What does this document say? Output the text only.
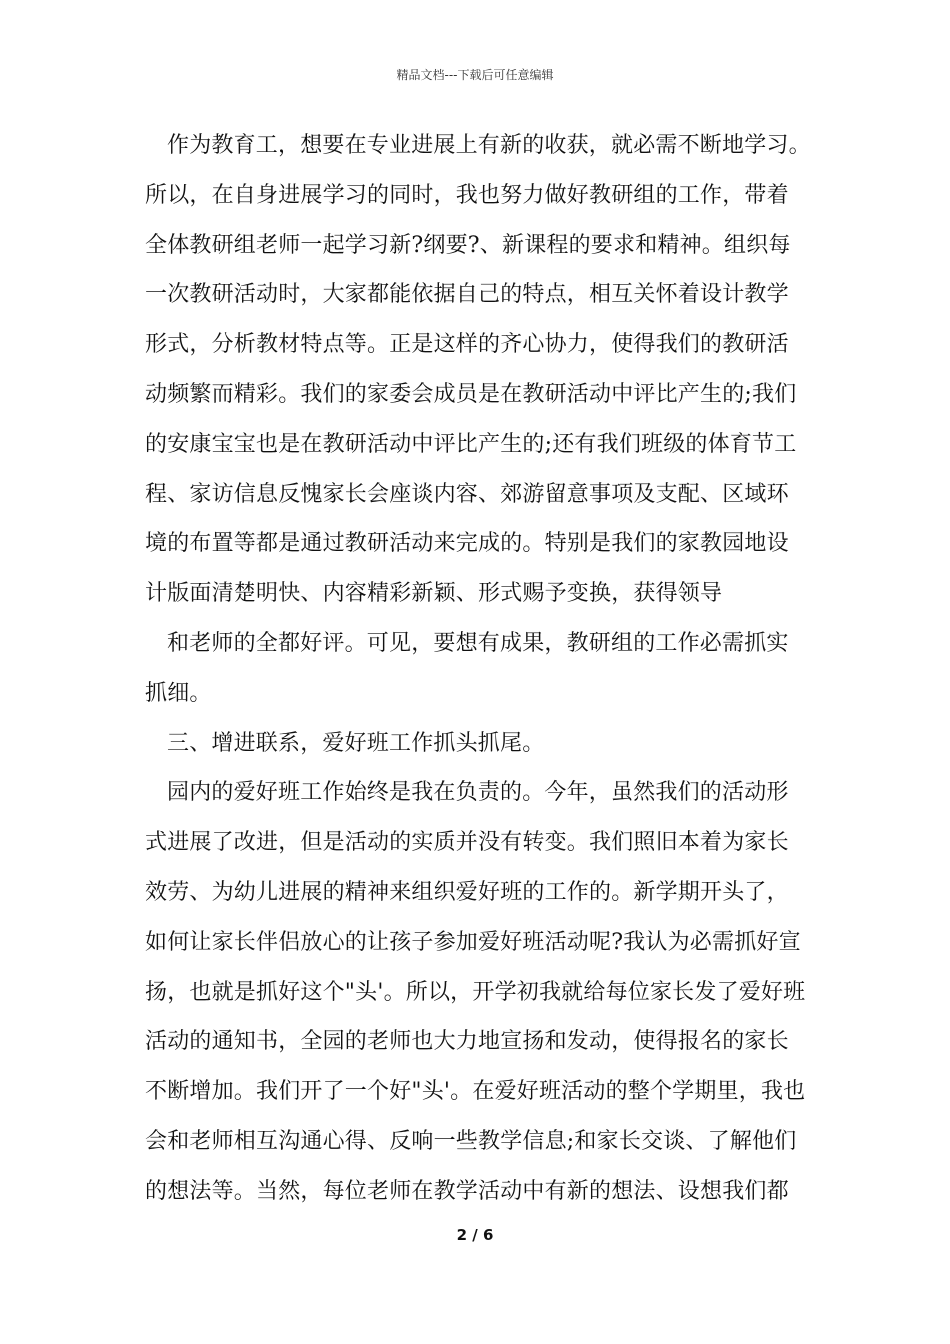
精品文档---下载后可任意编辑
作为教育工，想要在专业进展上有新的收获，就必需不断地学习。
所以，在自身进展学习的同时，我也努力做好教研组的工作，带着
全体教研组老师一起学习新?纲要?、新课程的要求和精神。组织每
一次教研活动时，大家都能依据自己的特点，相互关怀着设计教学
形式，分析教材特点等。正是这样的齐心协力，使得我们的教研活
动频繁而精彩。我们的家委会成员是在教研活动中评比产生的;我们
的安康宝宝也是在教研活动中评比产生的;还有我们班级的体育节工
程、家访信息反愧家长会座谈内容、郊游留意事项及支配、区域环
境的布置等都是通过教研活动来完成的。特别是我们的家教园地设
计版面清楚明快、内容精彩新颖、形式赐予变换，获得领导
和老师的全都好评。可见，要想有成果，教研组的工作必需抓实
抓细。
三、增进联系，爱好班工作抓头抓尾。
园内的爱好班工作始终是我在负责的。今年，虽然我们的活动形
式进展了改进，但是活动的实质并没有转变。我们照旧本着为家长
效劳、为幼儿进展的精神来组织爱好班的工作的。新学期开头了，
如何让家长伴侣放心的让孩子参加爱好班活动呢?我认为必需抓好宣
扬，也就是抓好这个"头'。所以，开学初我就给每位家长发了爱好班
活动的通知书，全园的老师也大力地宣扬和发动，使得报名的家长
不断增加。我们开了一个好"头'。在爱好班活动的整个学期里，我也
会和老师相互沟通心得、反响一些教学信息;和家长交谈、了解他们
的想法等。当然，每位老师在教学活动中有新的想法、设想我们都
2 / 6
